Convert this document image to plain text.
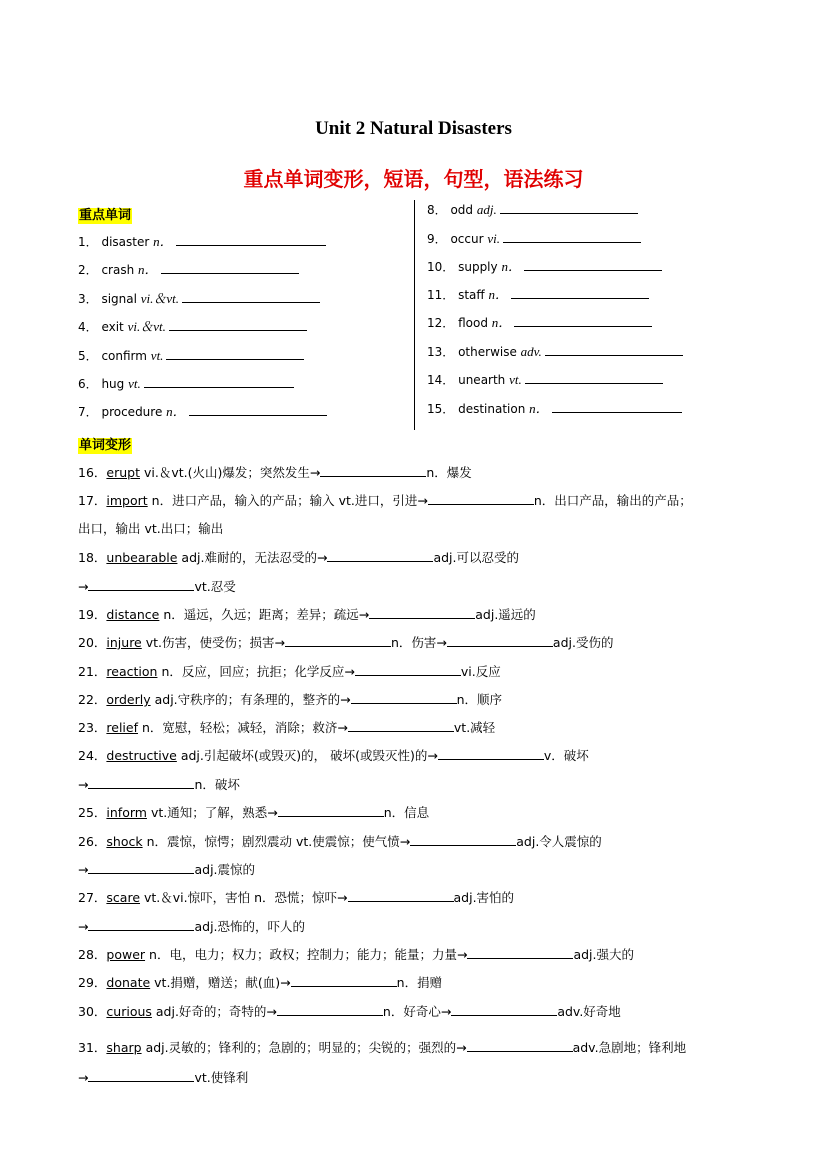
Unit 2 Natural Disasters
重点单词变形，短语，句型，语法练习
重点单词
1． disaster n．
2． crash n．
3． signal vi.＆vt.
4． exit vi.＆vt.
5． confirm vt.
6． hug vt.
7． procedure n．
8． odd adj.
9． occur vi.
10． supply n．
11． staff n．
12． flood n．
13． otherwise adv.
14． unearth vt.
15． destination n．
单词变形
16．erupt vi.＆vt.(火山)爆发；突然发生→	n．爆发
17．import n．进口产品，输入的产品；输入 vt.进口，引进→	n．出口产品，输出的产品；
出口，输出 vt.出口；输出
18．unbearable adj.难耐的，无法忍受的→	adj.可以忍受的
→	vt.忍受
19．distance n．遥远，久远；距离；差异；疏远→	adj.遥远的
20．injure vt.伤害，使受伤；损害→	n．伤害→	adj.受伤的
21．reaction n．反应，回应；抗拒；化学反应→	vi.反应
22．orderly adj.守秩序的；有条理的，整齐的→	n．顺序
23．relief n．宽慰，轻松；减轻，消除；救济→	vt.减轻
24．destructive adj.引起破坏(或毁灭)的， 破坏(或毁灭性)的→	v．破坏
→	n．破坏
25．inform vt.通知；了解，熟悉→	n．信息
26．shock n．震惊，惊愕；剧烈震动 vt.使震惊；使气愤→	adj.令人震惊的
→	adj.震惊的
27．scare vt.＆vi.惊吓，害怕 n．恐慌；惊吓→	adj.害怕的
→	adj.恐怖的，吓人的
28．power n．电，电力；权力；政权；控制力；能力；能量；力量→	adj.强大的
29．donate vt.捐赠，赠送；献(血)→	n．捐赠
30．curious adj.好奇的；奇特的→	n．好奇心→	adv.好奇地
31．sharp adj.灵敏的；锋利的；急剧的；明显的；尖锐的；强烈的→	adv.急剧地；锋利地
→	vt.使锋利
